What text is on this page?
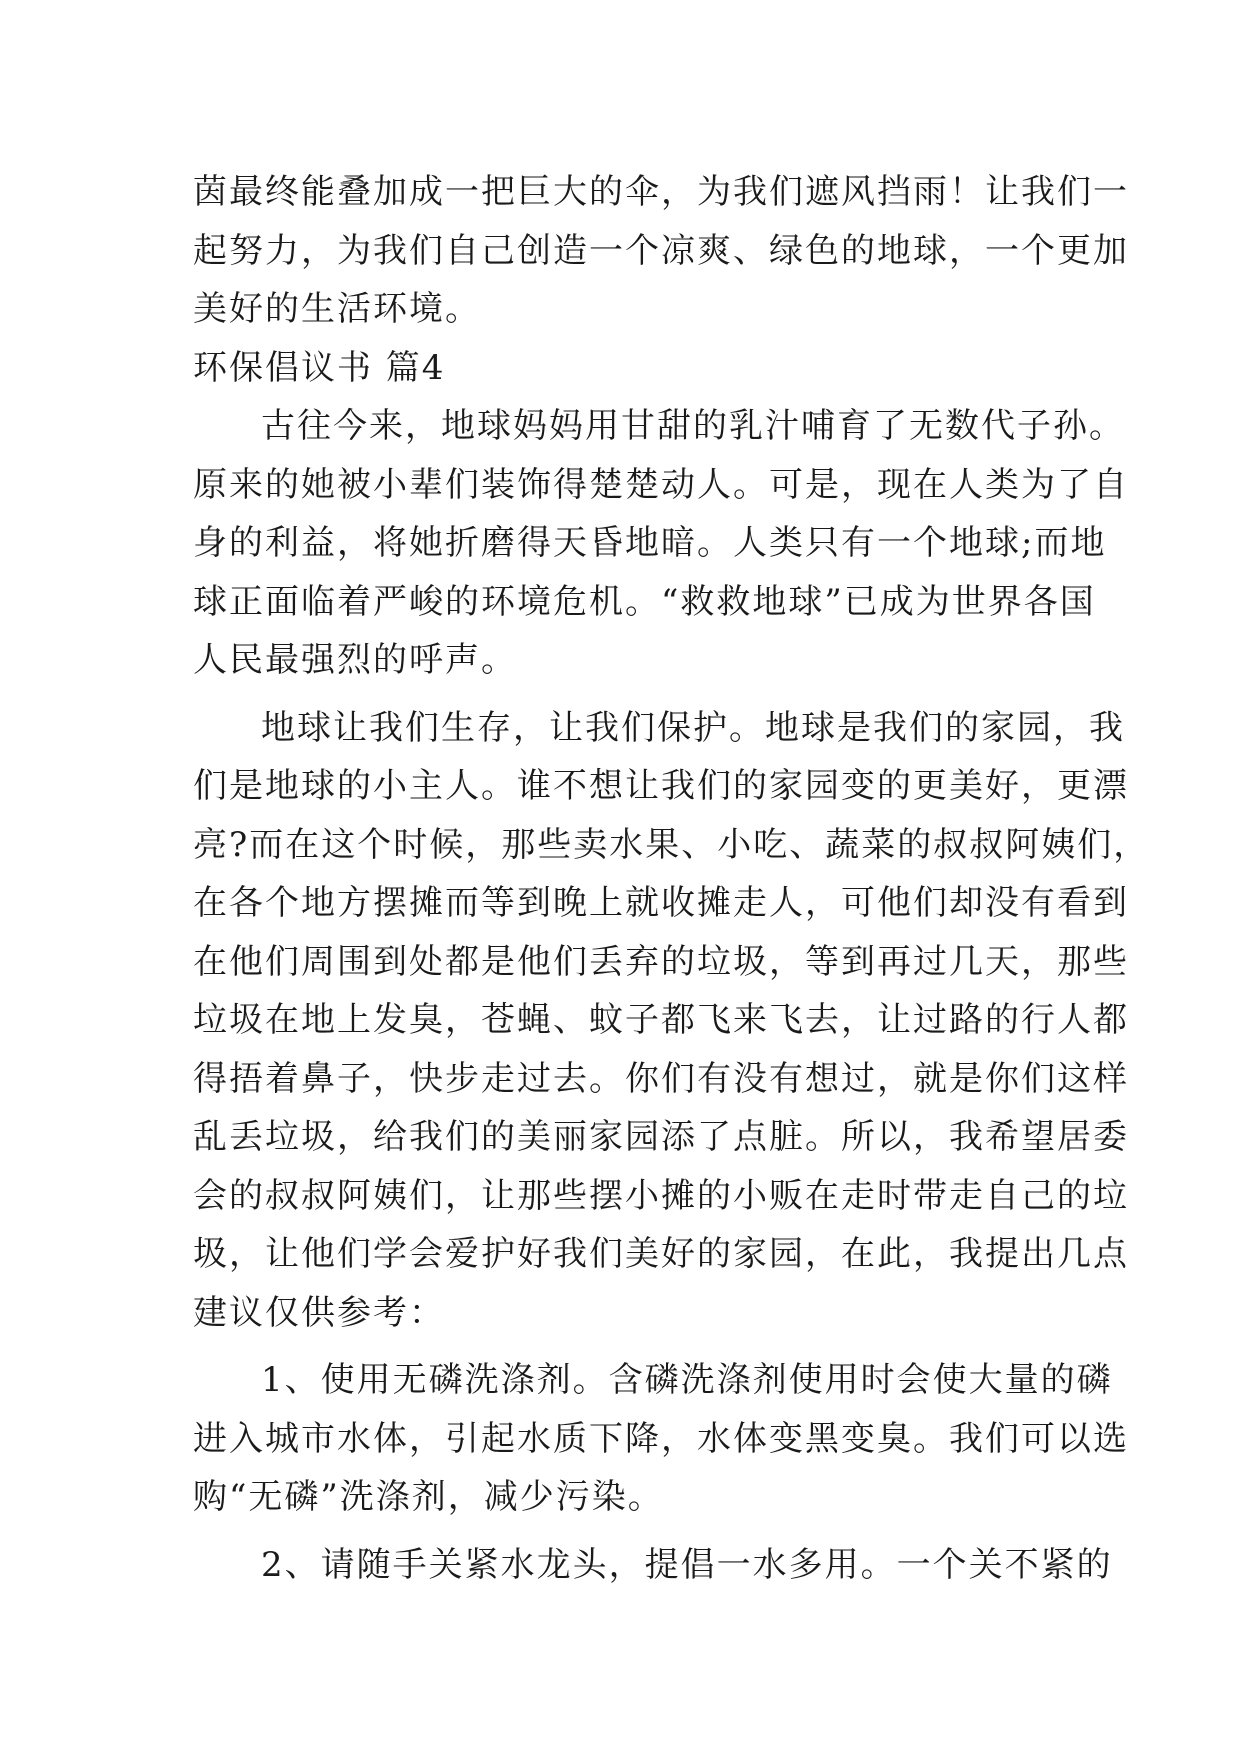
茵最终能叠加成一把巨大的伞，为我们遮风挡雨！让我们一
起努力，为我们自己创造一个凉爽、绿色的地球，一个更加
美好的生活环境。
环保倡议书 篇4
古往今来，地球妈妈用甘甜的乳汁哺育了无数代子孙。
原来的她被小辈们装饰得楚楚动人。可是，现在人类为了自
身的利益，将她折磨得天昏地暗。人类只有一个地球;而地
球正面临着严峻的环境危机。“救救地球”已成为世界各国
人民最强烈的呼声。
地球让我们生存，让我们保护。地球是我们的家园，我
们是地球的小主人。谁不想让我们的家园变的更美好，更漂
亮?而在这个时候，那些卖水果、小吃、蔬菜的叔叔阿姨们，
在各个地方摆摊而等到晚上就收摊走人，可他们却没有看到
在他们周围到处都是他们丢弃的垃圾，等到再过几天，那些
垃圾在地上发臭，苍蝇、蚊子都飞来飞去，让过路的行人都
得捂着鼻子，快步走过去。你们有没有想过，就是你们这样
乱丢垃圾，给我们的美丽家园添了点脏。所以，我希望居委
会的叔叔阿姨们，让那些摆小摊的小贩在走时带走自己的垃
圾，让他们学会爱护好我们美好的家园，在此，我提出几点
建议仅供参考：
1、使用无磷洗涤剂。含磷洗涤剂使用时会使大量的磷
进入城市水体，引起水质下降，水体变黑变臭。我们可以选
购“无磷”洗涤剂，减少污染。
2、请随手关紧水龙头，提倡一水多用。一个关不紧的
